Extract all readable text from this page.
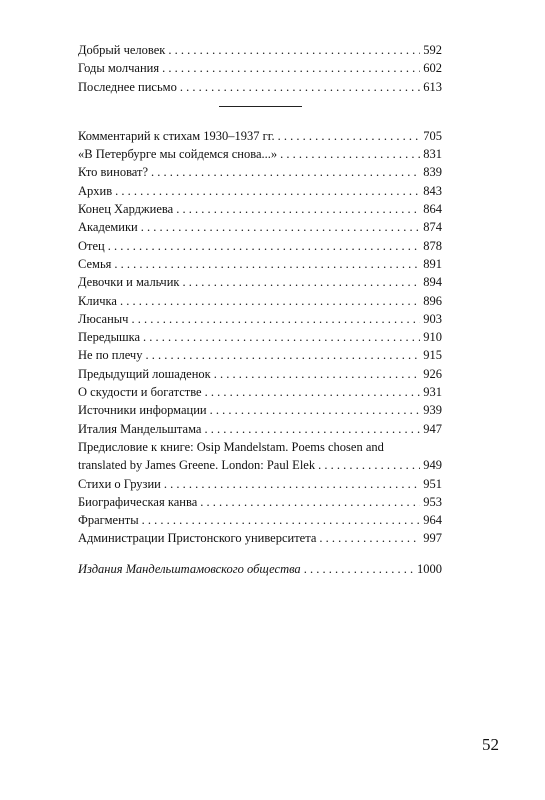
Добрый человек . . .	592
Годы молчания . . .	602
Последнее письмо . . .	613
Комментарий к стихам 1930–1937 гг. . . .	705
«В Петербурге мы сойдемся снова...» . . .	831
Кто виноват? . . .	839
Архив . . .	843
Конец Харджиева . . .	864
Академики . . .	874
Отец . . .	878
Семья . . .	891
Девочки и мальчик . . .	894
Кличка . . .	896
Люсаныч . . .	903
Передышка . . .	910
Не по плечу . . .	915
Предыдущий лошаденок . . .	926
О скудости и богатстве . . .	931
Источники информации . . .	939
Италия Мандельштама . . .	947
Предисловие к книге: Osip Mandelstam. Poems chosen and
translated by James Greene. London: Paul Elek . . .	949
Стихи о Грузии . . .	951
Биографическая канва . . .	953
Фрагменты . . .	964
Администрации Пристонского университета . . .	997
Издания Мандельштамовского общества . . .	1000
52
